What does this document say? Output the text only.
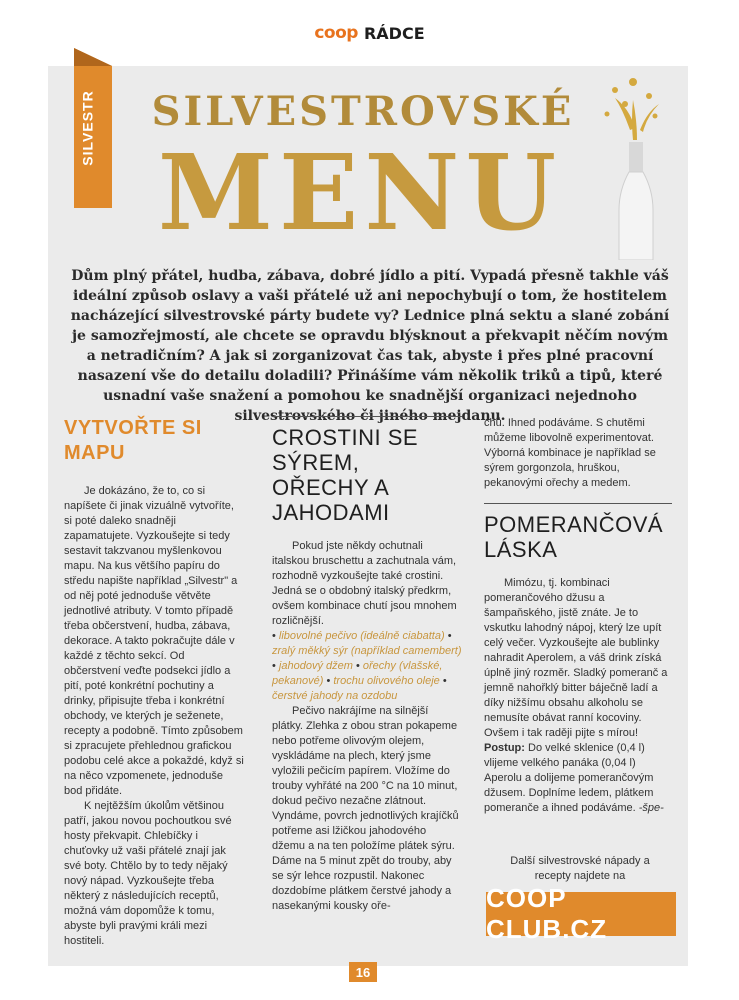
coop RÁDCE
SILVESTR	SILVESTROVSKÉ
MENU
Dům plný přátel, hudba, zábava, dobré jídlo a pití. Vypadá přesně takhle váš ideální způsob oslavy a vaši přátelé už ani nepochybují o tom, že hostitelem nacházející silvestrovské párty budete vy? Lednice plná sektu a slané zobání je samozřejmostí, ale chcete se opravdu blýsknout a překvapit něčím novým a netradičním? A jak si zorganizovat čas tak, abyste i přes plné pracovní nasazení vše do detailu doladili? Přinášíme vám několik triků a tipů, které usnadní vaše snažení a pomohou ke snadnější organizaci nejednoho silvestrovského či jiného mejdanu.
VYTVOŘTE SI MAPU

Je dokázáno, že to, co si napíšete či jinak vizuálně vytvoříte, si poté daleko snadněji zapamatujete. Vyzkoušejte si tedy sestavit takzvanou myšlenkovou mapu. Na kus většího papíru do středu napište například „Silvestr" a od něj poté jednoduše větvěte jednotlivé atributy. V tomto případě třeba občerstvení, hudba, zábava, dekorace. A takto pokračujte dále v každé z těchto sekcí. Od občerstvení veďte podsekci jídlo a pití, poté konkrétní pochutiny a drinky, připisujte třeba i konkrétní obchody, ve kterých je seženete, recepty a podobně. Tímto způsobem si zpracujete přehlednou grafickou podobu celé akce a pokaždé, když si na něco vzpomenete, jednoduše bod přidáte.

K nejtěžším úkolům většinou patří, jakou novou pochoutkou své hosty překvapit. Chlebíčky i chuťovky už vaši přátelé znají jak své boty. Chtělo by to tedy nějaký nový nápad. Vyzkoušejte třeba některý z následujících receptů, možná vám dopomůže k tomu, abyste byli pravými králi mezi hostiteli.

CROSTINI SE SÝREM, OŘECHY A JAHODAMI

Pokud jste někdy ochutnali italskou bruschettu a zachutnala vám, rozhodně vyzkoušejte také crostini. Jedná se o obdobný italský předkrm, ovšem kombinace chutí jsou mnohem rozličnější.

• libovolné pečivo (ideálně ciabatta) • zralý měkký sýr (například camembert) • jahodový džem • ořechy (vlašské, pekanové) • trochu olivového oleje • čerstvé jahody na ozdobu

Pečivo nakrájíme na silnější plátky. Zlehka z obou stran pokapeme nebo potřeme olivovým olejem, vyskládáme na plech, který jsme vyložili pečicím papírem. Vložíme do trouby vyhřáté na 200 °C na 10 minut, dokud pečivo nezačne zlátnout. Vyndáme, povrch jednotlivých krajíčků potřeme asi lžičkou jahodového džemu a na ten položíme plátek sýru. Dáme na 5 minut zpět do trouby, aby se sýr lehce rozpustil. Nakonec dozdobíme plátkem čerstvé jahody a nasekanými kousky oře-

chů. Ihned podáváme. S chutěmi můžeme libovolně experimentovat. Výborná kombinace je například se sýrem gorgonzola, hruškou, pekanovými ořechy a medem.
POMERANČOVÁ LÁSKA

Mimózu, tj. kombinaci pomerančového džusu a šampaňského, jistě znáte. Je to vskutku lahodný nápoj, který lze upít celý večer. Vyzkoušejte ale bublinky nahradit Aperolem, a váš drink získá úplně jiný rozměr. Sladký pomeranč a jemně nahořklý bitter báječně ladí a díky nižšímu obsahu alkoholu se nemusíte obávat ranní kocoviny. Ovšem i tak raději pijte s mírou!

Postup: Do velké sklenice (0,4 l) vlijeme velkého panáka (0,04 l) Aperolu a dolijeme pomerančovým džusem. Doplníme ledem, plátkem pomeranče a ihned podáváme. -špe-
Další silvestrovské nápady a recepty najdete na
COOP CLUB.CZ
16
